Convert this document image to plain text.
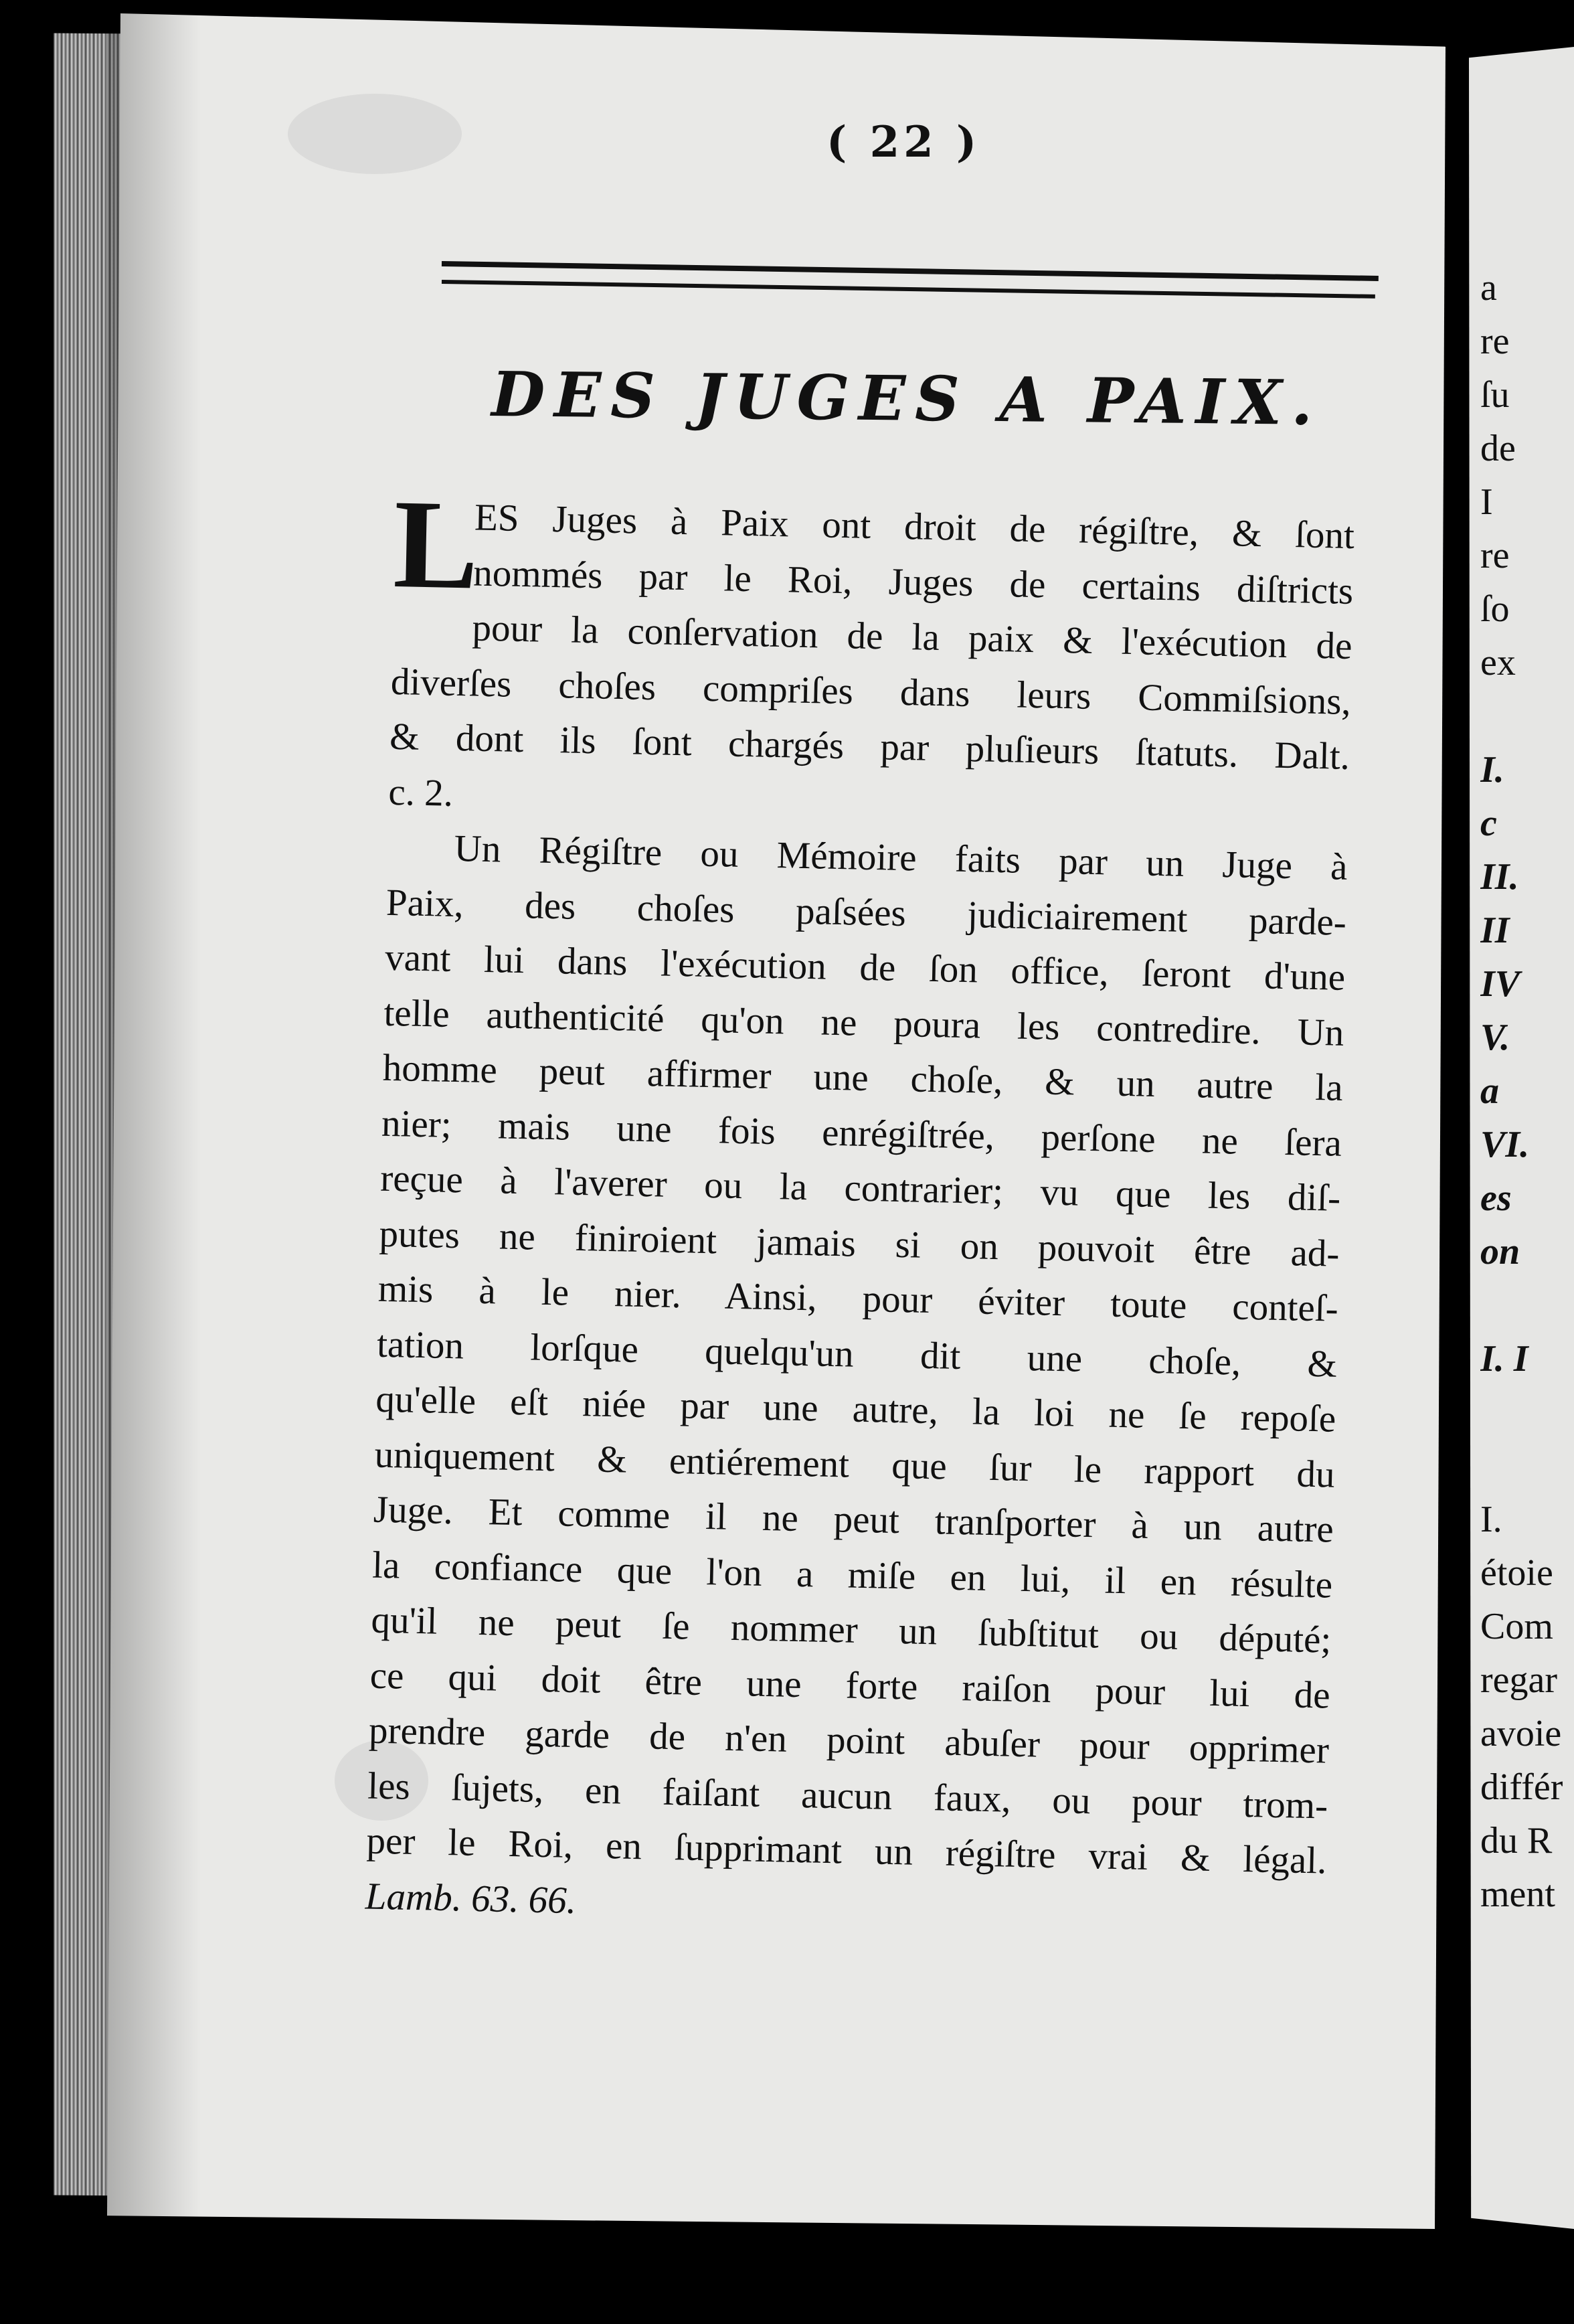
( 22 )
DES JUGES A PAIX.
L
ES Juges à Paix ont droit de régiſtre, & ſont
nommés par le Roi, Juges de certains diſtricts
pour la conſervation de la paix & l'exécution de
diverſes choſes compriſes dans leurs Commiſsions,
& dont ils ſont chargés par pluſieurs ſtatuts. Dalt.
c. 2.
Un Régiſtre ou Mémoire faits par un Juge à
Paix, des choſes paſsées judiciairement parde-
vant lui dans l'exécution de ſon office, ſeront d'une
telle authenticité qu'on ne poura les contredire. Un
homme peut affirmer une choſe, & un autre la
nier; mais une fois enrégiſtrée, perſone ne ſera
reçue à l'averer ou la contrarier; vu que les diſ-
putes ne finiroient jamais si on pouvoit être ad-
mis à le nier. Ainsi, pour éviter toute conteſ-
tation lorſque quelqu'un dit une choſe, &
qu'elle eſt niée par une autre, la loi ne ſe repoſe
uniquement & entiérement que ſur le rapport du
Juge. Et comme il ne peut tranſporter à un autre
la confiance que l'on a miſe en lui, il en résulte
qu'il ne peut ſe nommer un ſubſtitut ou député;
ce qui doit être une forte raiſon pour lui de
prendre garde de n'en point abuſer pour opprimer
les ſujets, en faiſant aucun faux, ou pour trom-
per le Roi, en ſupprimant un régiſtre vrai & légal.
Lamb. 63. 66.
a
re
ſu
de
I
re
ſo
ex
I.
c
II.
II
IV
V.
a
VI.
es
on
I. I
I.
étoie
Com
regar
avoie
différ
du R
ment
